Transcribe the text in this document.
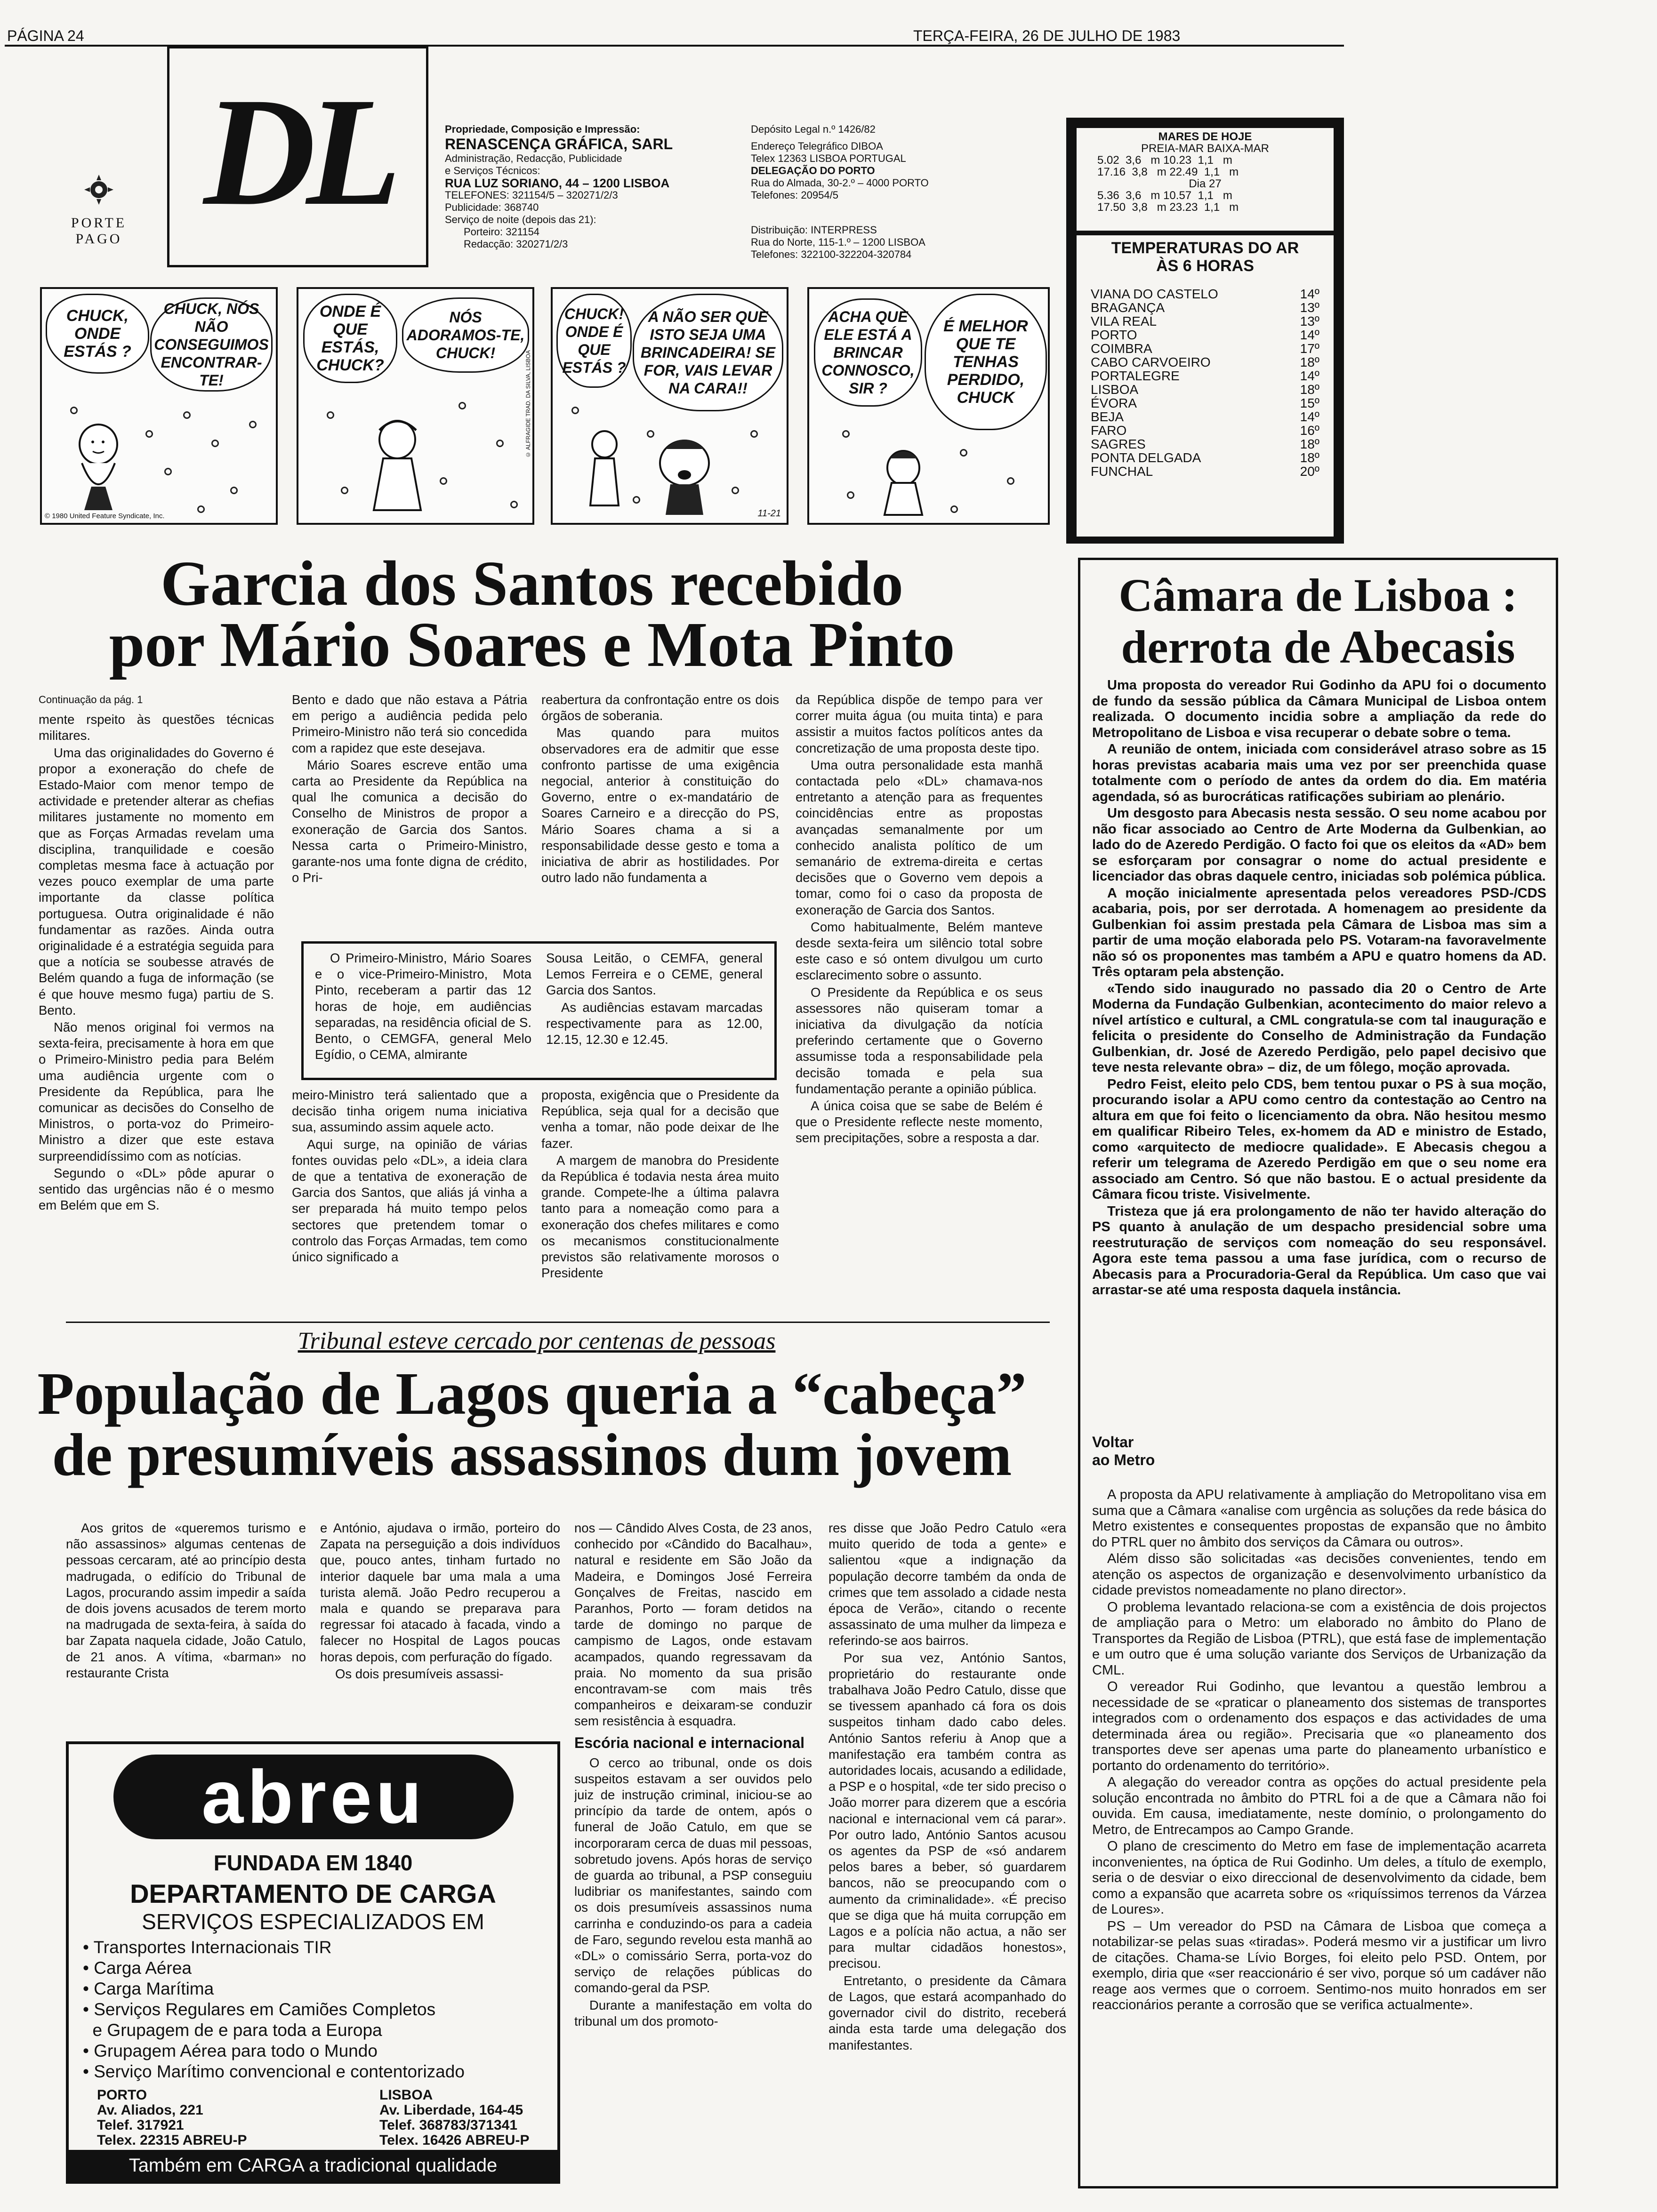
PÁGINA 24	TERÇA-FEIRA, 26 DE JULHO DE 1983
PORTE
PAGO
DL	Propriedade, Composição e Impressão:
RENASCENÇA GRÁFICA, SARL
Administração, Redacção, Publicidade
e Serviços Técnicos:
RUA LUZ SORIANO, 44 – 1200 LISBOA
TELEFONES: 321154/5 – 320271/2/3
Publicidade: 368740
Serviço de noite (depois das 21):
Porteiro: 321154
Redacção: 320271/2/3
Depósito Legal n.º 1426/82
Endereço Telegráfico DIBOA
Telex 12363 LISBOA PORTUGAL
DELEGAÇÃO DO PORTO
Rua do Almada, 30-2.º – 4000 PORTO
Telefones: 20954/5
Distribuição: INTERPRESS
Rua do Norte, 115-1.º – 1200 LISBOA
Telefones: 322100-322204-320784
MARES DE HOJE
PREIA-MAR BAIXA-MAR
5.02  3,6   m 10.23  1,1   m
17.16  3,8   m 22.49  1,1   m
Dia 27
5.36  3,6   m 10.57  1,1   m
17.50  3,8   m 23.23  1,1   m
TEMPERATURAS DO AR
ÀS 6 HORAS
VIANA DO CASTELO	14º
BRAGANÇA	13º
VILA REAL	13º
PORTO	14º
COIMBRA	17º
CABO CARVOEIRO	18º
PORTALEGRE	14º
LISBOA	18º
ÉVORA	15º
BEJA	14º
FARO	16º
SAGRES	18º
PONTA DELGADA	18º
FUNCHAL	20º
CHUCK, ONDE ESTÁS ?
CHUCK, NÓS NÃO CONSEGUIMOS ENCONTRAR-TE!
© 1980 United Feature Syndicate, Inc.
ONDE É QUE ESTÁS, CHUCK?
NÓS ADORAMOS-TE, CHUCK!	© ALFRAGIDE TRAD. DA SILVA, LISBOA
CHUCK! ONDE É QUE ESTÁS ?
A NÃO SER QUE ISTO SEJA UMA BRINCADEIRA! SE FOR, VAIS LEVAR NA CARA!!
11-21
ACHA QUE ELE ESTÁ A BRINCAR CONNOSCO, SIR ?
É MELHOR QUE TE TENHAS PERDIDO, CHUCK
Garcia dos Santos recebido
por Mário Soares e Mota Pinto

Continuação da pág. 1

mente rspeito às questões técnicas militares.

Uma das originalidades do Governo é propor a exoneração do chefe de Estado-Maior com menor tempo de actividade e pretender alterar as chefias militares justamente no momento em que as Forças Armadas revelam uma disciplina, tranquilidade e coesão completas mesma face à actuação por vezes pouco exemplar de uma parte importante da classe política portuguesa. Outra originalidade é não fundamentar as razões. Ainda outra originalidade é a estratégia seguida para que a notícia se soubesse através de Belém quando a fuga de informação (se é que houve mesmo fuga) partiu de S. Bento.

Não menos original foi vermos na sexta-feira, precisamente à hora em que o Primeiro-Ministro pedia para Belém uma audiência urgente com o Presidente da República, para lhe comunicar as decisões do Conselho de Ministros, o porta-voz do Primeiro-Ministro a dizer que este estava surpreendidíssimo com as notícias.

Segundo o «DL» pôde apurar o sentido das urgências não é o mesmo em Belém que em S.

Bento e dado que não estava a Pátria em perigo a audiência pedida pelo Primeiro-Ministro não terá sio concedida com a rapidez que este desejava.

Mário Soares escreve então uma carta ao Presidente da República na qual lhe comunica a decisão do Conselho de Ministros de propor a exoneração de Garcia dos Santos. Nessa carta o Primeiro-Ministro, garante-nos uma fonte digna de crédito, o Pri-

reabertura da confrontação entre os dois órgãos de soberania.

Mas quando para muitos observadores era de admitir que esse confronto partisse de uma exigência negocial, anterior à constituição do Governo, entre o ex-mandatário de Soares Carneiro e a direcção do PS, Mário Soares chama a si a responsabilidade desse gesto e toma a iniciativa de abrir as hostilidades. Por outro lado não fundamenta a

O Primeiro-Ministro, Mário Soares e o vice-Primeiro-Ministro, Mota Pinto, receberam a partir das 12 horas de hoje, em audiências separadas, na residência oficial de S. Bento, o CEMGFA, general Melo Egídio, o CEMA, almirante

Sousa Leitão, o CEMFA, general Lemos Ferreira e o CEME, general Garcia dos Santos.

As audiências estavam marcadas respectivamente para as 12.00, 12.15, 12.30 e 12.45.

meiro-Ministro terá salientado que a decisão tinha origem numa iniciativa sua, assumindo assim aquele acto.

Aqui surge, na opinião de várias fontes ouvidas pelo «DL», a ideia clara de que a tentativa de exoneração de Garcia dos Santos, que aliás já vinha a ser preparada há muito tempo pelos sectores que pretendem tomar o controlo das Forças Armadas, tem como único significado a

proposta, exigência que o Presidente da República, seja qual for a decisão que venha a tomar, não pode deixar de lhe fazer.

A margem de manobra do Presidente da República é todavia nesta área muito grande. Compete-lhe a última palavra tanto para a nomeação como para a exoneração dos chefes militares e como os mecanismos constitucionalmente previstos são relativamente morosos o Presidente

da República dispõe de tempo para ver correr muita água (ou muita tinta) e para assistir a muitos factos políticos antes da concretização de uma proposta deste tipo.

Uma outra personalidade esta manhã contactada pelo «DL» chamava-nos entretanto a atenção para as frequentes coincidências entre as propostas avançadas semanalmente por um conhecido analista político de um semanário de extrema-direita e certas decisões que o Governo vem depois a tomar, como foi o caso da proposta de exoneração de Garcia dos Santos.

Como habitualmente, Belém manteve desde sexta-feira um silêncio total sobre este caso e só ontem divulgou um curto esclarecimento sobre o assunto.

O Presidente da República e os seus assessores não quiseram tomar a iniciativa da divulgação da notícia preferindo certamente que o Governo assumisse toda a responsabilidade pela decisão tomada e pela sua fundamentação perante a opinião pública.

A única coisa que se sabe de Belém é que o Presidente reflecte neste momento, sem precipitações, sobre a resposta a dar.

Tribunal esteve cercado por centenas de pessoas
População de Lagos queria a “cabeça”
de presumíveis assassinos dum jovem

Aos gritos de «queremos turismo e não assassinos» algumas centenas de pessoas cercaram, até ao princípio desta madrugada, o edifício do Tribunal de Lagos, procurando assim impedir a saída de dois jovens acusados de terem morto na madrugada de sexta-feira, à saída do bar Zapata naquela cidade, João Catulo, de 21 anos. A vítima, «barman» no restaurante Crista

e António, ajudava o irmão, porteiro do Zapata na perseguição a dois indivíduos que, pouco antes, tinham furtado no interior daquele bar uma mala a uma turista alemã. João Pedro recuperou a mala e quando se preparava para regressar foi atacado à facada, vindo a falecer no Hospital de Lagos poucas horas depois, com perfuração do fígado.

Os dois presumíveis assassi-

nos — Cândido Alves Costa, de 23 anos, conhecido por «Cândido do Bacalhau», natural e residente em São João da Madeira, e Domingos José Ferreira Gonçalves de Freitas, nascido em Paranhos, Porto — foram detidos na tarde de domingo no parque de campismo de Lagos, onde estavam acampados, quando regressavam da praia. No momento da sua prisão encontravam-se com mais três companheiros e deixaram-se conduzir sem resistência à esquadra.

Escória nacional e internacional

O cerco ao tribunal, onde os dois suspeitos estavam a ser ouvidos pelo juiz de instrução criminal, iniciou-se ao princípio da tarde de ontem, após o funeral de João Catulo, em que se incorporaram cerca de duas mil pessoas, sobretudo jovens. Após horas de serviço de guarda ao tribunal, a PSP conseguiu ludibriar os manifestantes, saindo com os dois presumíveis assassinos numa carrinha e conduzindo-os para a cadeia de Faro, segundo revelou esta manhã ao «DL» o comissário Serra, porta-voz do serviço de relações públicas do comando-geral da PSP.

Durante a manifestação em volta do tribunal um dos promoto-

res disse que João Pedro Catulo «era muito querido de toda a gente» e salientou «que a indignação da população decorre também da onda de crimes que tem assolado a cidade nesta época de Verão», citando o recente assassinato de uma mulher da limpeza e referindo-se aos bairros.

Por sua vez, António Santos, proprietário do restaurante onde trabalhava João Pedro Catulo, disse que se tivessem apanhado cá fora os dois suspeitos tinham dado cabo deles. António Santos referiu à Anop que a manifestação era também contra as autoridades locais, acusando a edilidade, a PSP e o hospital, «de ter sido preciso o João morrer para dizerem que a escória nacional e internacional vem cá parar». Por outro lado, António Santos acusou os agentes da PSP de «só andarem pelos bares a beber, só guardarem bancos, não se preocupando com o aumento da criminalidade». «É preciso que se diga que há muita corrupção em Lagos e a polícia não actua, a não ser para multar cidadãos honestos», precisou.

Entretanto, o presidente da Câmara de Lagos, que estará acompanhado do governador civil do distrito, receberá ainda esta tarde uma delegação dos manifestantes.

abreu
FUNDADA EM 1840
DEPARTAMENTO DE CARGA
SERVIÇOS ESPECIALIZADOS EM
• Transportes Internacionais TIR
• Carga Aérea
• Carga Marítima
• Serviços Regulares em Camiões Completos
e Grupagem de e para toda a Europa
• Grupagem Aérea para todo o Mundo
• Serviço Marítimo convencional e contentorizado
PORTO
Av. Aliados, 221
Telef. 317921
Telex. 22315 ABREU-P
LISBOA
Av. Liberdade, 164-45
Telef. 368783/371341
Telex. 16426 ABREU-P
Também em CARGA a tradicional qualidade
Câmara de Lisboa :
derrota de Abecasis

Uma proposta do vereador Rui Godinho da APU foi o documento de fundo da sessão pública da Câmara Municipal de Lisboa ontem realizada. O documento incidia sobre a ampliação da rede do Metropolitano de Lisboa e visa recuperar o debate sobre o tema.

A reunião de ontem, iniciada com considerável atraso sobre as 15 horas previstas acabaria mais uma vez por ser preenchida quase totalmente com o período de antes da ordem do dia. Em matéria agendada, só as burocráticas ratificações subiriam ao plenário.

Um desgosto para Abecasis nesta sessão. O seu nome acabou por não ficar associado ao Centro de Arte Moderna da Gulbenkian, ao lado do de Azeredo Perdigão. O facto foi que os eleitos da «AD» bem se esforçaram por consagrar o nome do actual presidente e licenciador das obras daquele centro, iniciadas sob polémica pública.

A moção inicialmente apresentada pelos vereadores PSD-/CDS acabaria, pois, por ser derrotada. A homenagem ao presidente da Gulbenkian foi assim prestada pela Câmara de Lisboa mas sim a partir de uma moção elaborada pelo PS. Votaram-na favoravelmente não só os proponentes mas também a APU e quatro homens da AD. Três optaram pela abstenção.

«Tendo sido inaugurado no passado dia 20 o Centro de Arte Moderna da Fundação Gulbenkian, acontecimento do maior relevo a nível artístico e cultural, a CML congratula-se com tal inauguração e felicita o presidente do Conselho de Administração da Fundação Gulbenkian, dr. José de Azeredo Perdigão, pelo papel decisivo que teve nesta relevante obra» – diz, de um fôlego, moção aprovada.

Pedro Feist, eleito pelo CDS, bem tentou puxar o PS à sua moção, procurando isolar a APU como centro da contestação ao Centro na altura em que foi feito o licenciamento da obra. Não hesitou mesmo em qualificar Ribeiro Teles, ex-homem da AD e ministro de Estado, como «arquitecto de mediocre qualidade». E Abecasis chegou a referir um telegrama de Azeredo Perdigão em que o seu nome era associado am Centro. Só que não bastou. E o actual presidente da Câmara ficou triste. Visivelmente.

Tristeza que já era prolongamento de não ter havido alteração do PS quanto à anulação de um despacho presidencial sobre uma reestruturação de serviços com nomeação do seu responsável. Agora este tema passou a uma fase jurídica, com o recurso de Abecasis para a Procuradoria-Geral da República. Um caso que vai arrastar-se até uma resposta daquela instância.

Voltar
ao Metro

A proposta da APU relativamente à ampliação do Metropolitano visa em suma que a Câmara «analise com urgência as soluções da rede básica do Metro existentes e consequentes propostas de expansão que no âmbito do PTRL quer no âmbito dos serviços da Câmara ou outros».

Além disso são solicitadas «as decisões convenientes, tendo em atenção os aspectos de organização e desenvolvimento urbanístico da cidade previstos nomeadamente no plano director».

O problema levantado relaciona-se com a existência de dois projectos de ampliação para o Metro: um elaborado no âmbito do Plano de Transportes da Região de Lisboa (PTRL), que está fase de implementação e um outro que é uma solução variante dos Serviços de Urbanização da CML.

O vereador Rui Godinho, que levantou a questão lembrou a necessidade de se «praticar o planeamento dos sistemas de transportes integrados com o ordenamento dos espaços e das actividades de uma determinada área ou região». Precisaria que «o planeamento dos transportes deve ser apenas uma parte do planeamento urbanístico e portanto do ordenamento do território».

A alegação do vereador contra as opções do actual presidente pela solução encontrada no âmbito do PTRL foi a de que a Câmara não foi ouvida. Em causa, imediatamente, neste domínio, o prolongamento do Metro, de Entrecampos ao Campo Grande.

O plano de crescimento do Metro em fase de implementação acarreta inconvenientes, na óptica de Rui Godinho. Um deles, a título de exemplo, seria o de desviar o eixo direccional de desenvolvimento da cidade, bem como a expansão que acarreta sobre os «riquíssimos terrenos da Várzea de Loures».

PS – Um vereador do PSD na Câmara de Lisboa que começa a notabilizar-se pelas suas «tiradas». Poderá mesmo vir a justificar um livro de citações. Chama-se Lívio Borges, foi eleito pelo PSD. Ontem, por exemplo, diria que «ser reaccionário é ser vivo, porque só um cadáver não reage aos vermes que o corroem. Sentimo-nos muito honrados em ser reaccionários perante a corrosão que se verifica actualmente».
